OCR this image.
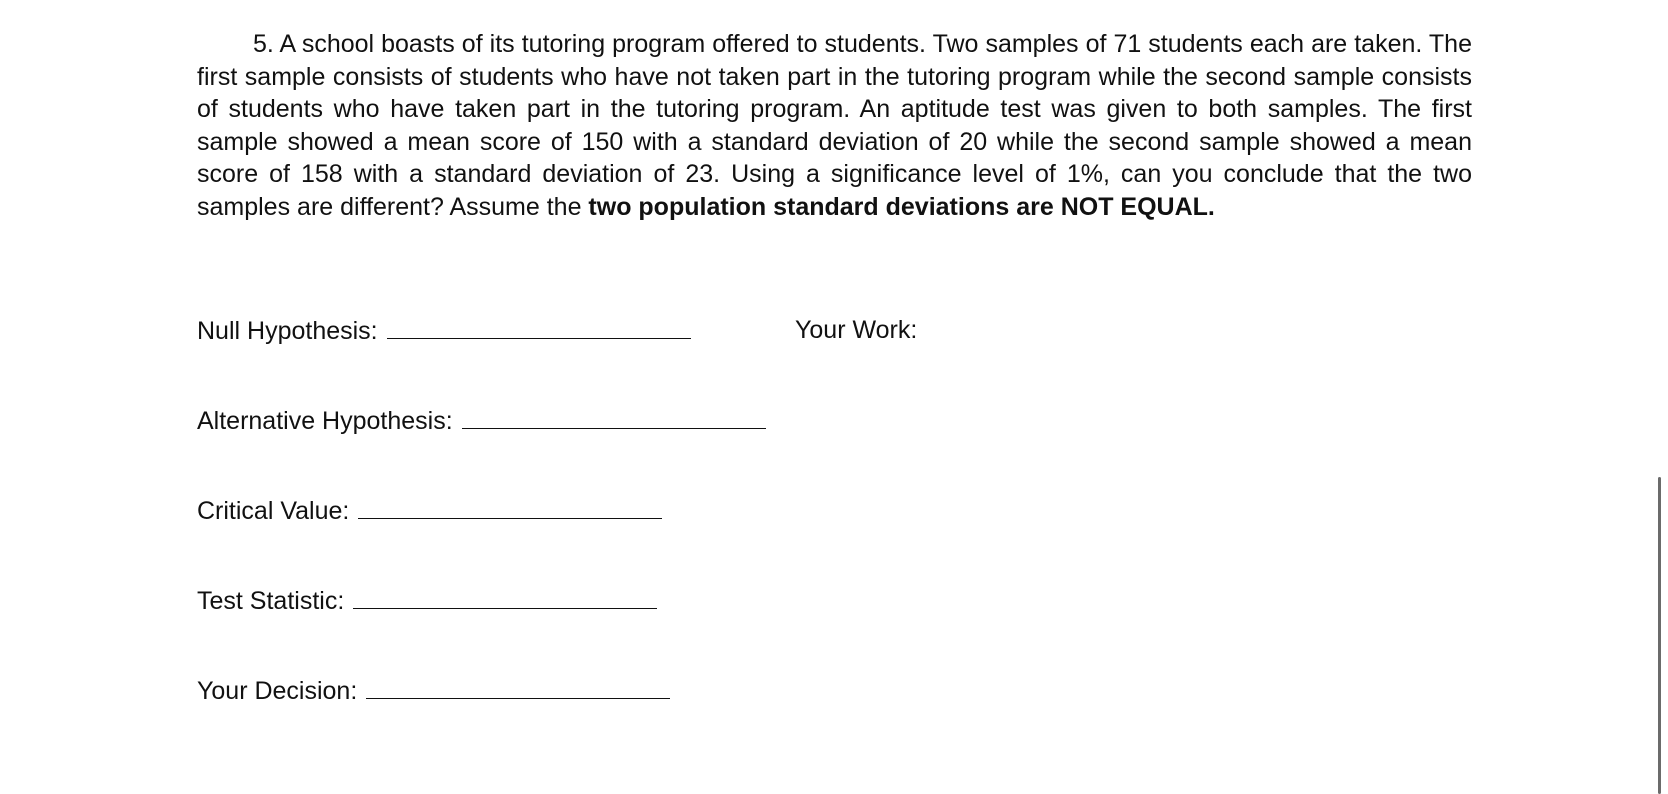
5. A school boasts of its tutoring program offered to students. Two samples of 71 students each are taken. The first sample consists of students who have not taken part in the tutoring program while the second sample consists of students who have taken part in the tutoring program. An aptitude test was given to both samples. The first sample showed a mean score of 150 with a standard deviation of 20 while the second sample showed a mean score of 158 with a standard deviation of 23. Using a significance level of 1%, can you conclude that the two samples are different? Assume the two population standard deviations are NOT EQUAL.
Null Hypothesis:	Your Work:
Alternative Hypothesis:
Critical Value:
Test Statistic:
Your Decision:
